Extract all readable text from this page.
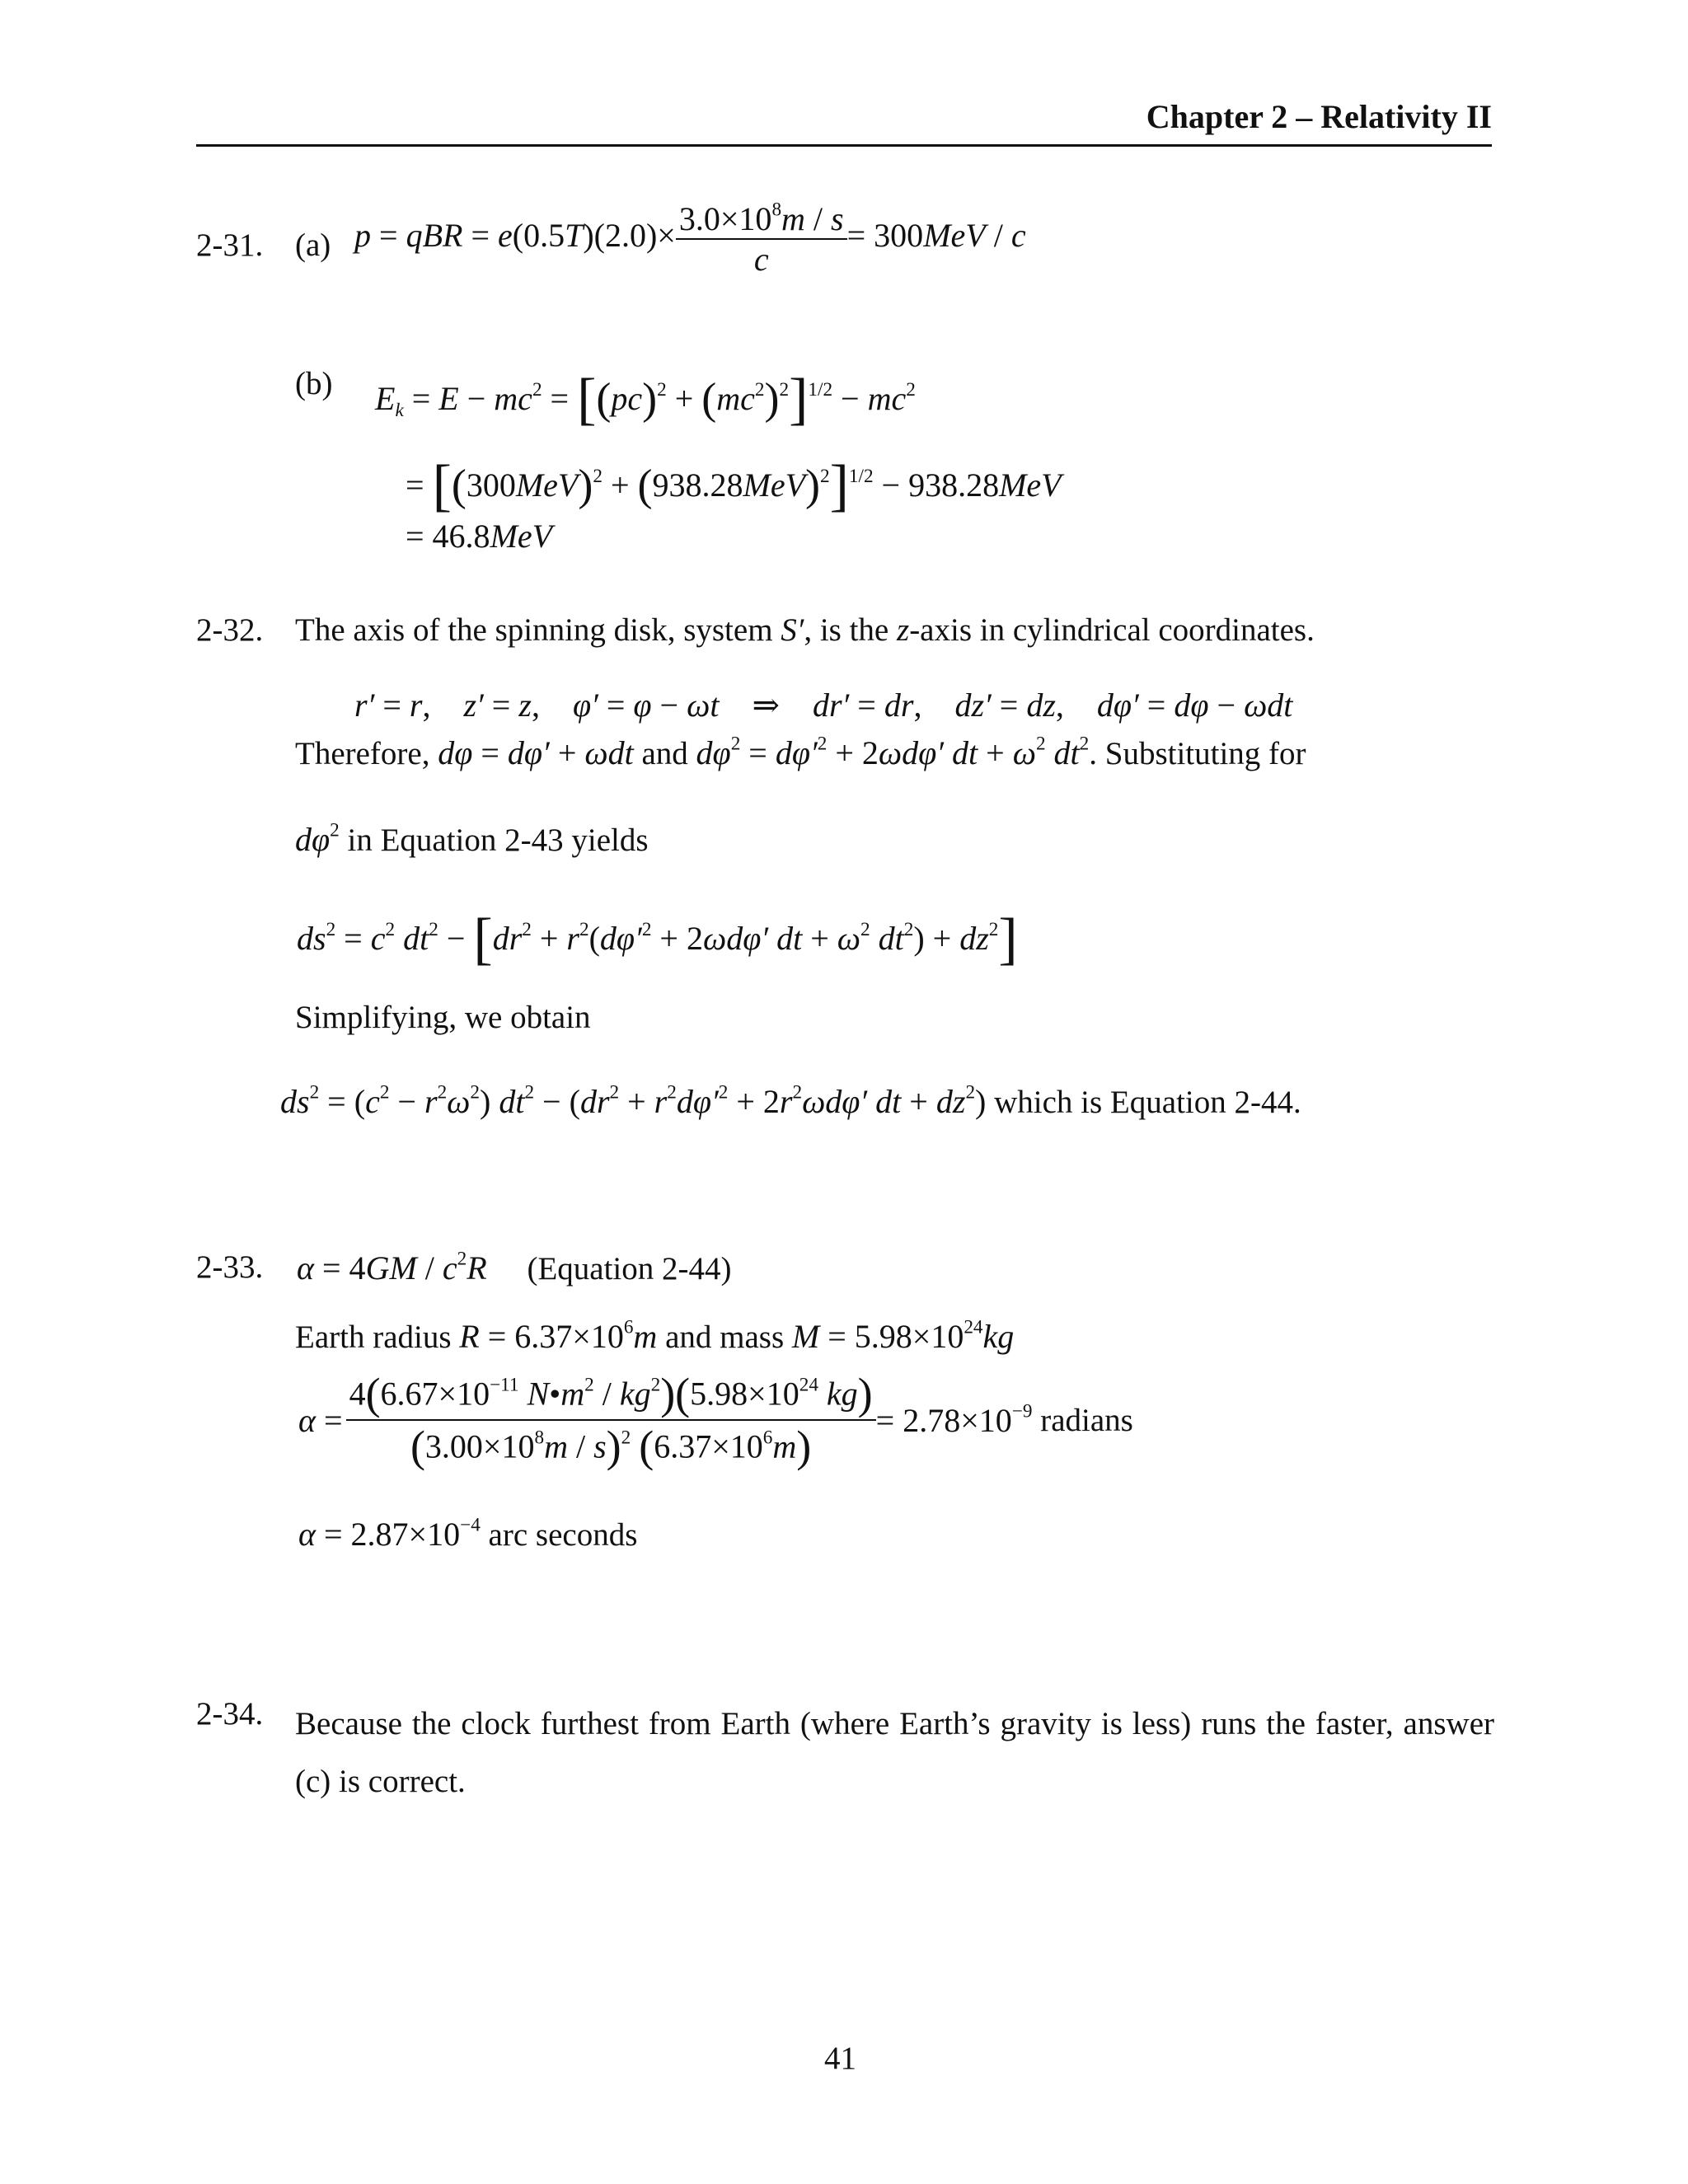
Chapter 2 – Relativity II
2-31. (a) p = qBR = $e(0.5T)(2.0)\times \frac{3.0\times 10^8m / s}{c} = 300MeV / c$
(b) $E_k = E - mc^2 = [(pc)^2 + (mc^2)^2]^{1/2} - mc^2$
= $[(300MeV)^2 + (938.28MeV)^2]^{1/2} - 938.28MeV$
= 46.8MeV
2-32. The axis of the spinning disk, system S′, is the z-axis in cylindrical coordinates.
r′ = r,    z′ = z,    φ′ = φ − ωt    ⇒    dr′ = dr,    dz′ = dz,    dφ′ = dφ − ωdt
Therefore, dφ = dφ′ + ωdt and $d\varphi^2 = d\varphi'^2 + 2\omega d\varphi'$ dt + $\omega^2$ $dt^2$. Substituting for
$d\varphi^2$ in Equation 2-43 yields
$ds^2 = c^2$ $dt^2 - [dr^2 + r^2(d\varphi'^2 + 2\omega d\varphi'$ dt + $\omega^2$ $dt^2) + dz^2$]
Simplifying, we obtain
$ds^2 = (c^2 - r^2\omega^2) dt^2 - (dr^2 + r^2d\varphi'^2 + 2r^2\omega d\varphi'$ dt + $dz^2$) which is Equation 2-44.
2-33. $\alpha = 4GM / c^2R$ (Equation 2-44)
Earth radius $R = 6.37\times 10^6m$ and mass $M = 5.98\times 10^{24}kg$
$\alpha = \frac{4(6.67\times 10^{-11} N•m^2 / kg^2)(5.98\times 10^{24} kg)}{(3.00\times 10^8m / s)^2 (6.37\times 10^6m)} = 2.78\times 10^{-9}$ radians
$\alpha = 2.87\times 10^{-4}$ arc seconds
2-34. Because the clock furthest from Earth (where Earth’s gravity is less) runs the faster, answer (c) is correct.
41
